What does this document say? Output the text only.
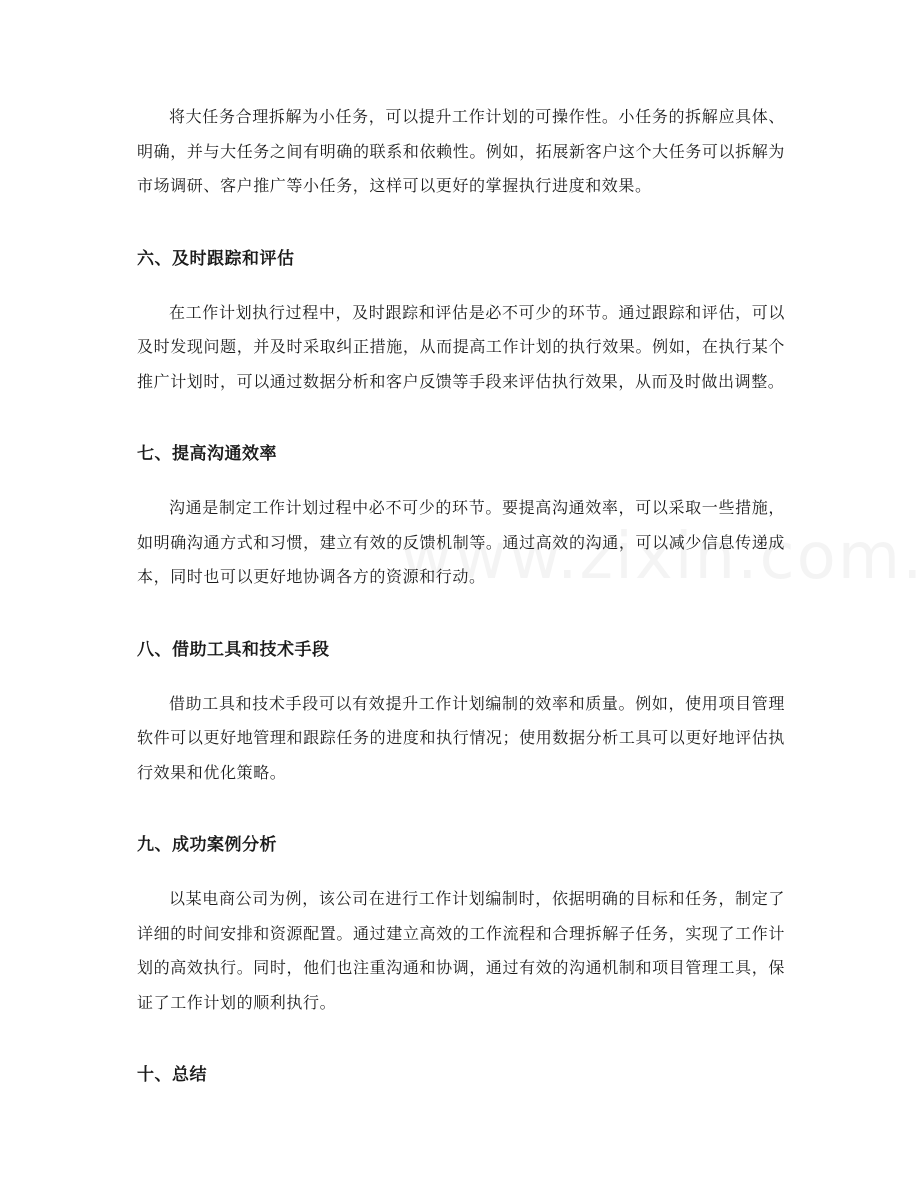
将大任务合理拆解为小任务，可以提升工作计划的可操作性。小任务的拆解应具体、明确，并与大任务之间有明确的联系和依赖性。例如，拓展新客户这个大任务可以拆解为市场调研、客户推广等小任务，这样可以更好的掌握执行进度和效果。

六、及时跟踪和评估

在工作计划执行过程中，及时跟踪和评估是必不可少的环节。通过跟踪和评估，可以及时发现问题，并及时采取纠正措施，从而提高工作计划的执行效果。例如，在执行某个推广计划时，可以通过数据分析和客户反馈等手段来评估执行效果，从而及时做出调整。

七、提高沟通效率

沟通是制定工作计划过程中必不可少的环节。要提高沟通效率，可以采取一些措施，如明确沟通方式和习惯，建立有效的反馈机制等。通过高效的沟通，可以减少信息传递成本，同时也可以更好地协调各方的资源和行动。

八、借助工具和技术手段

借助工具和技术手段可以有效提升工作计划编制的效率和质量。例如，使用项目管理软件可以更好地管理和跟踪任务的进度和执行情况；使用数据分析工具可以更好地评估执行效果和优化策略。

九、成功案例分析

以某电商公司为例，该公司在进行工作计划编制时，依据明确的目标和任务，制定了详细的时间安排和资源配置。通过建立高效的工作流程和合理拆解子任务，实现了工作计划的高效执行。同时，他们也注重沟通和协调，通过有效的沟通机制和项目管理工具，保证了工作计划的顺利执行。

十、总结
